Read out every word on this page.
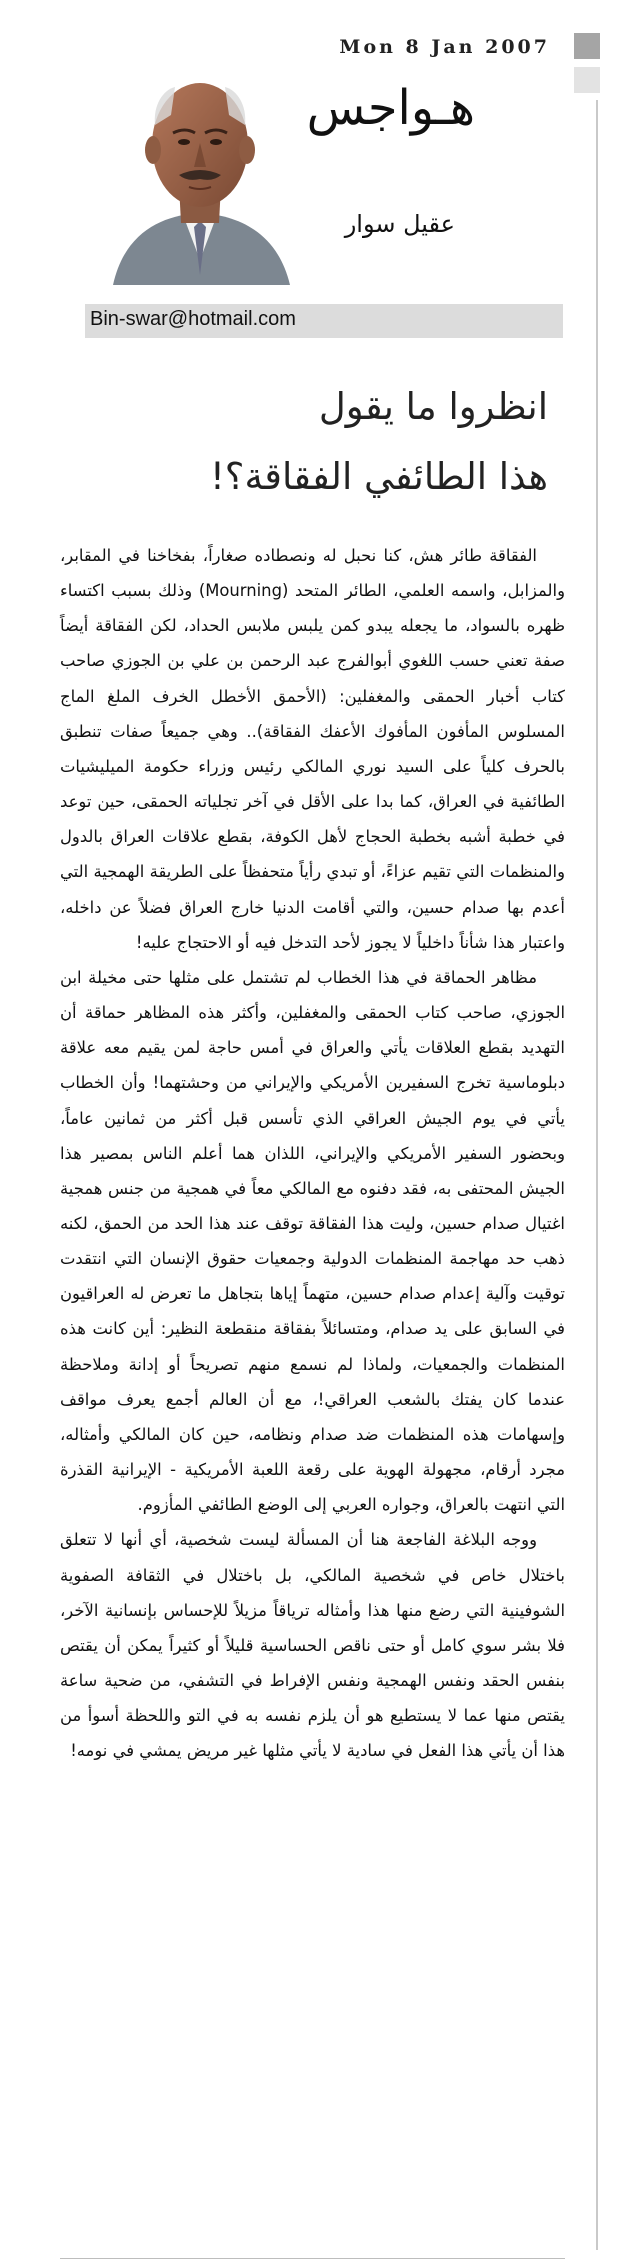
Mon 8 Jan 2007
هـواجس
عقيل سوار
Bin-swar@hotmail.com
انظروا ما يقول
هذا الطائفي الفقاقة؟!

الفقاقة طائر هش، كنا نحبل له ونصطاده صغاراً، بفخاخنا في المقابر، والمزابل، واسمه العلمي، الطائر المتحد (Mourning) وذلك بسبب اكتساء ظهره بالسواد، ما يجعله يبدو كمن يلبس ملابس الحداد، لكن الفقاقة أيضاً صفة تعني حسب اللغوي أبوالفرج عبد الرحمن بن علي بن الجوزي صاحب كتاب أخبار الحمقى والمغفلين: (الأحمق الأخطل الخرف الملغ الماج المسلوس المأفون المأفوك الأعفك الفقاقة).. وهي جميعاً صفات تنطبق بالحرف كلياً على السيد نوري المالكي رئيس وزراء حكومة الميليشيات الطائفية في العراق، كما بدا على الأقل في آخر تجلياته الحمقى، حين توعد في خطبة أشبه بخطبة الحجاج لأهل الكوفة، بقطع علاقات العراق بالدول والمنظمات التي تقيم عزاءً، أو تبدي رأياً متحفظاً على الطريقة الهمجية التي أعدم بها صدام حسين، والتي أقامت الدنيا خارج العراق فضلاً عن داخله، واعتبار هذا شأناً داخلياً لا يجوز لأحد التدخل فيه أو الاحتجاج عليه!

مظاهر الحماقة في هذا الخطاب لم تشتمل على مثلها حتى مخيلة ابن الجوزي، صاحب كتاب الحمقى والمغفلين، وأكثر هذه المظاهر حماقة أن التهديد بقطع العلاقات يأتي والعراق في أمس حاجة لمن يقيم معه علاقة دبلوماسية تخرج السفيرين الأمريكي والإيراني من وحشتهما! وأن الخطاب يأتي في يوم الجيش العراقي الذي تأسس قبل أكثر من ثمانين عاماً، وبحضور السفير الأمريكي والإيراني، اللذان هما أعلم الناس بمصير هذا الجيش المحتفى به، فقد دفنوه مع المالكي معاً في همجية من جنس همجية اغتيال صدام حسين، وليت هذا الفقاقة توقف عند هذا الحد من الحمق، لكنه ذهب حد مهاجمة المنظمات الدولية وجمعيات حقوق الإنسان التي انتقدت توقيت وآلية إعدام صدام حسين، متهماً إياها بتجاهل ما تعرض له العراقيون في السابق على يد صدام، ومتسائلاً بفقاقة منقطعة النظير: أين كانت هذه المنظمات والجمعيات، ولماذا لم نسمع منهم تصريحاً أو إدانة وملاحظة عندما كان يفتك بالشعب العراقي!، مع أن العالم أجمع يعرف مواقف وإسهامات هذه المنظمات ضد صدام ونظامه، حين كان المالكي وأمثاله، مجرد أرقام، مجهولة الهوية على رقعة اللعبة الأمريكية - الإيرانية القذرة التي انتهت بالعراق، وجواره العربي إلى الوضع الطائفي المأزوم.

ووجه البلاغة الفاجعة هنا أن المسألة ليست شخصية، أي أنها لا تتعلق باختلال خاص في شخصية المالكي، بل باختلال في الثقافة الصفوية الشوفينية التي رضع منها هذا وأمثاله ترياقاً مزيلاً للإحساس بإنسانية الآخر، فلا بشر سوي كامل أو حتى ناقص الحساسية قليلاً أو كثيراً يمكن أن يقتص بنفس الحقد ونفس الهمجية ونفس الإفراط في التشفي، من ضحية ساعة يقتص منها عما لا يستطيع هو أن يلزم نفسه به في التو واللحظة أسوأ من هذا أن يأتي هذا الفعل في سادية لا يأتي مثلها غير مريض يمشي في نومه!
